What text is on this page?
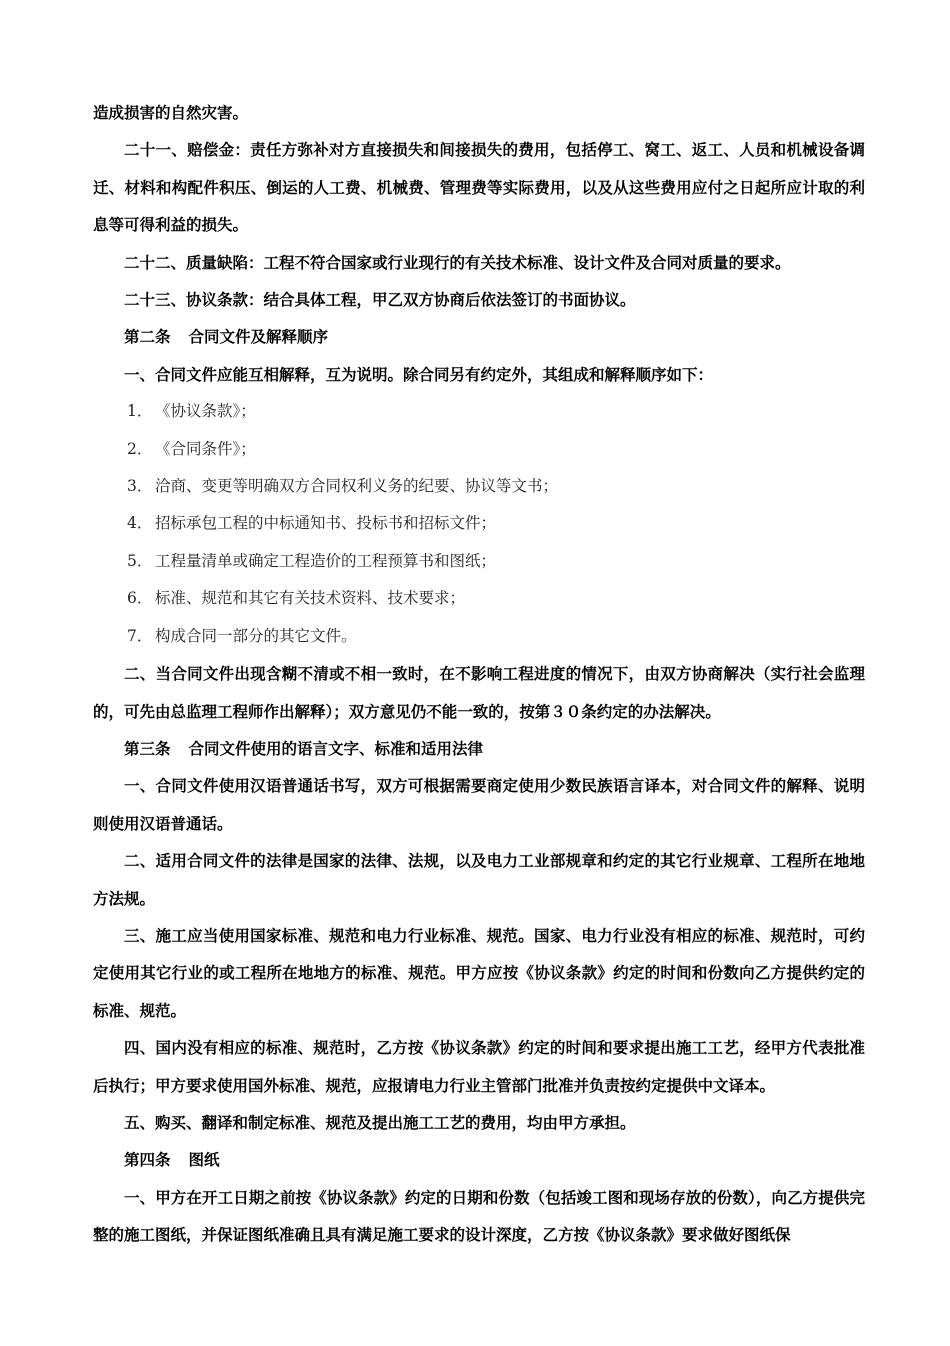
造成损害的自然灾害。

二十一、赔偿金：责任方弥补对方直接损失和间接损失的费用，包括停工、窝工、返工、人员和机械设备调迁、材料和构配件积压、倒运的人工费、机械费、管理费等实际费用，以及从这些费用应付之日起所应计取的利息等可得利益的损失。

二十二、质量缺陷：工程不符合国家或行业现行的有关技术标准、设计文件及合同对质量的要求。

二十三、协议条款：结合具体工程，甲乙双方协商后依法签订的书面协议。

第二条 合同文件及解释顺序

一、合同文件应能互相解释，互为说明。除合同另有约定外，其组成和解释顺序如下：

1． 《协议条款》；

2． 《合同条件》；

3． 洽商、变更等明确双方合同权利义务的纪要、协议等文书；

4． 招标承包工程的中标通知书、投标书和招标文件；

5． 工程量清单或确定工程造价的工程预算书和图纸；

6． 标准、规范和其它有关技术资料、技术要求；

7． 构成合同一部分的其它文件。

二、当合同文件出现含糊不清或不相一致时，在不影响工程进度的情况下，由双方协商解决（实行社会监理的，可先由总监理工程师作出解释）；双方意见仍不能一致的，按第３０条约定的办法解决。

第三条 合同文件使用的语言文字、标准和适用法律

一、合同文件使用汉语普通话书写，双方可根据需要商定使用少数民族语言译本，对合同文件的解释、说明则使用汉语普通话。

二、适用合同文件的法律是国家的法律、法规，以及电力工业部规章和约定的其它行业规章、工程所在地地方法规。

三、施工应当使用国家标准、规范和电力行业标准、规范。国家、电力行业没有相应的标准、规范时，可约定使用其它行业的或工程所在地地方的标准、规范。甲方应按《协议条款》约定的时间和份数向乙方提供约定的标准、规范。

四、国内没有相应的标准、规范时，乙方按《协议条款》约定的时间和要求提出施工工艺，经甲方代表批准后执行；甲方要求使用国外标准、规范，应报请电力行业主管部门批准并负责按约定提供中文译本。

五、购买、翻译和制定标准、规范及提出施工工艺的费用，均由甲方承担。

第四条 图纸

一、甲方在开工日期之前按《协议条款》约定的日期和份数（包括竣工图和现场存放的份数），向乙方提供完整的施工图纸，并保证图纸准确且具有满足施工要求的设计深度，乙方按《协议条款》要求做好图纸保
